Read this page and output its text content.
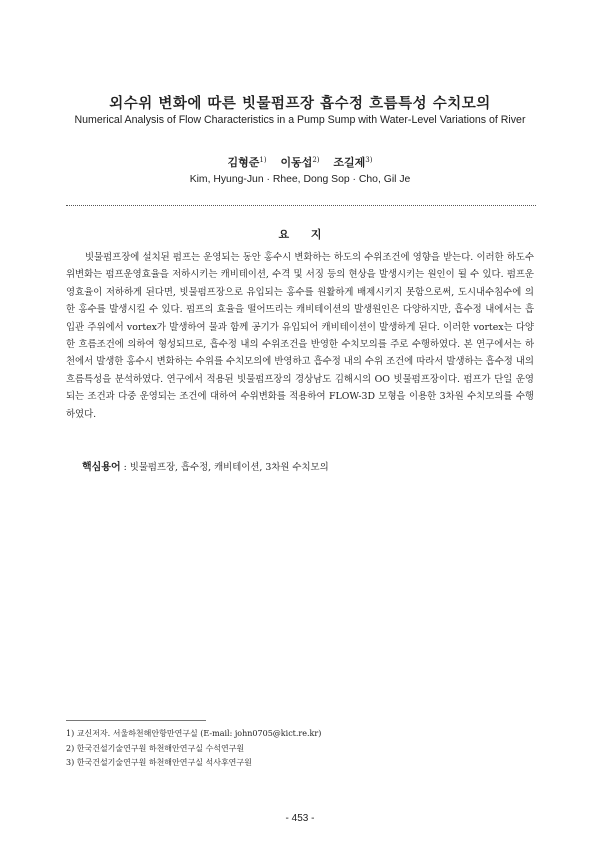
외수위 변화에 따른 빗물펌프장 흡수정 흐름특성 수치모의
Numerical Analysis of Flow Characteristics in a Pump Sump with Water-Level Variations of River
김형준$^{1)}$ 이동섭$^{2)}$ 조길제$^{3)}$
Kim, Hyung-Jun · Rhee, Dong Sop · Cho, Gil Je
요 지

빗물펌프장에 설치된 펌프는 운영되는 동안 홍수시 변화하는 하도의 수위조건에 영향을 받는다. 이러한 하도수위변화는 펌프운영효율을 저하시키는 캐비테이션, 수격 및 서징 등의 현상을 발생시키는 원인이 될 수 있다. 펌프운영효율이 저하하게 된다면, 빗물펌프장으로 유입되는 홍수를 원활하게 배제시키지 못함으로써, 도시내수침수에 의한 홍수를 발생시킬 수 있다. 펌프의 효율을 떨어뜨리는 캐비테이션의 발생원인은 다양하지만, 흡수정 내에서는 흡입관 주위에서 vortex가 발생하여 물과 함께 공기가 유입되어 캐비테이션이 발생하게 된다. 이러한 vortex는 다양한 흐름조건에 의하여 형성되므로, 흡수정 내의 수위조건을 반영한 수치모의를 주로 수행하였다. 본 연구에서는 하천에서 발생한 홍수시 변화하는 수위를 수치모의에 반영하고 흡수정 내의 수위 조건에 따라서 발생하는 흡수정 내의 흐름특성을 분석하였다. 연구에서 적용된 빗물펌프장의 경상남도 김해시의 OO 빗물펌프장이다. 펌프가 단일 운영되는 조건과 다중 운영되는 조건에 대하여 수위변화를 적용하여 FLOW-3D 모형을 이용한 3차원 수치모의를 수행하였다.

핵심용어 : 빗물펌프장, 흡수정, 캐비테이션, 3차원 수치모의
1) 교신저자. 서울하천해안항만연구실 (E-mail: john0705@kict.re.kr)
2) 한국건설기술연구원 하천해안연구실 수석연구원
3) 한국건설기술연구원 하천해안연구실 석사후연구원
- 453 -
